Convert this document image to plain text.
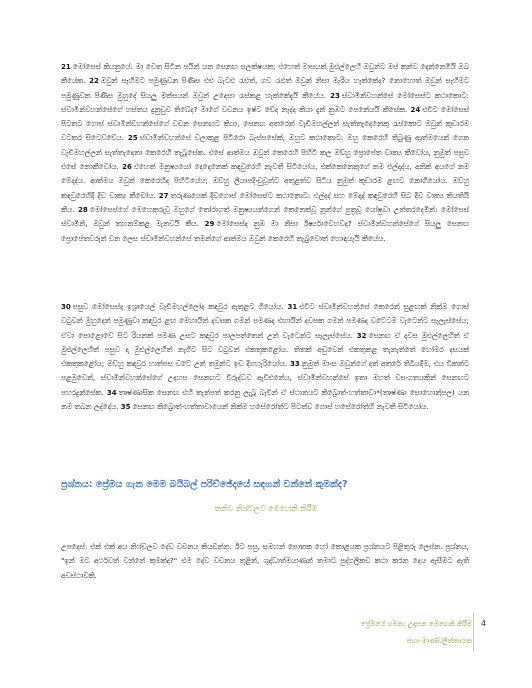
21 මෝසෙස් කියනුයේ: මා වෙත සිටින පයින් යන සෙනඟ සලක්ෂයක; එහෙත් මාසයක් මුළුල්ලෙහි ඔවුන්ට මස් කන්ට දෙන්නෙමියි ඔබ කීයේක. 22 ඔවුන් සෑහීමට පමුණුවන පිණිස එළු බැටළු රැළුත්, ගව රැළුත් ඔවුන් නිසා මැරිය හැක්කේද? නොහොත් ඔවුන් සෑහීමට පමුණුවන පිණිස මුහුදේ සියලු මත්සයන් ඔවුන් උදෙසා රැස්කළ හැක්කේදැයි කීයේය. 23 ස්වාමීන්වහන්සේ මෝසෙස්ට කථාකොට: ස්වාමීන්වහන්සේගේ හස්තය දුනුඩුව තිබේද? මාගේ වචනය ඉෂ්ට වේද නැද්ද කියා දැන් නුඹට පෙනේයයි කීසේක. 24 එවිට මෝසෙස් පිටතට ගොස් ස්වාමීන්වහන්සේගේ වචන සෙනඟට කියා, සෙනඟ අතරෙන් වැඩිමහල්ලන් සැත්තෑදෙනෙකු රැස්කොට ඔවුන් කූඩාරම වටකර සිටෙව්වේය. 25 ස්වාමීන්වහන්සේ වලාකුළ පිටිරො බැස්සසේක්, ඔහුට කථාකොට: ඔහු කෙරෙහි තිබුණු ආත්මයෙන් ගෙන වැඩිමහල්ලන් සැත්තැදෙනා කෙරෙහි තැබූසේක. එසේ ආත්මය ඔවුන් කෙරෙහි පිහිටි කල ඔව්හු ප්‍රොපේත වාක්‍ය කීවෝය, නුමුත් පසුව එසේ නොකීවෝය. 26 එහෙත් මනුෂ්‍යයෝ දෙදෙනෙක් කඳවුරෙහි නැවතී සිටියෝය, එක්කෙනෙකුගේ නම එල්දාද්ය, අනික් අයගේ නම මේදාද්ය. ආත්මය ඔවුන් කෙරෙහිද පිහිටියේය; ඔව්හු ලියාපදිංචුවූන්ට අතුළත්ව සිටිය නුමුත් කූඩාරම ළඟට නොගියෝය. ඔව්හු කඳවුරෙහිදී දිව වාක්‍ය කීවෝය. 27 තරුණයෙක් දිවගොස් මෝසෙස්ට කථාකොට: එල්දද් සහ මේදාද් කඳවුරෙහි සිට දිව වාක්‍ය කියතියි කීය. 28 මෝසෙස්ගේ මෙහෙකරුවූ ඔහුගේ තෝරාගත් මනුෂ්‍යයන්ගෙන් කෙනෙක්වූ නූන්ගේ පුත්‍රවූ යෝෂුවා උත්තරදෙමින්: මෝසෙස් ස්වාමිනි, ඔවුන් තහනම්කළ මැනවයි කීය. 29 මෝසෙස්ද නුඹ මා නිසා ඊර්ෂ්‍යාවෙහවද? ස්වාමීන්වහන්සේගේ සියලු සෙනඟ ප්‍රොපේතවරුන් වන ලෙස ස්වාමීන්වහන්සේ තමන්ගේ ආත්මය ඔවුන් කෙරෙහි තැබුවොත් හොඳයැයි කීයේය.

30 පසුව මෝසෙස්ද ඉශ්‍රායෙල් වැඩිමහල්ලෝද කඳවුර ඇතුළට ගියෝය. 31 එවිට ස්වාමීන්වහන්සේ කෙරෙන් සුළඟක් නික්ම ගොස් වටුවන් මුහුදෙන් පමුණුවා කඳවුර ළඟ මෙහායින් දවසක ගමන් පමණද එහායින් දවසක ගමන් පමණද වටේටම වැටෙන්ට සැලැස්සේය; ඒවා පොළොවේ සිට රියනක් පමණ උසට කඳවුර පාලපත්තෙන් උන් වැටෙන්ට සැලැස්සේය. 32 සෙනඟ ඒ දවස මුළුල්ලෙහිත් ඒ මුළුල්ලෙහිත් පසුව දා මුළුල්ලෙහිත් නැගිට සිට වටුවන් එකතුකළෝය. තිතක් අඩුවෙන් එකතුකළ තැනැත්තේ හෝමර දසයක් එකතුකළෝය; ඔව්හු කඳවුර හාත්පස වටේ උන් තමුන්ට ඉඩ දිගහැරියෝය. 33 නුමුත් මාංස ඔවුන්ගේ දත් අතරේ තිබියදීම, එය විකන්ට පළමුවෙන්, ස්වාමීන්වහන්සේගේ උදහස සෙනඟට විරුද්ධව ඇවිළුනේය, ස්වාමීන්වහන්සේ ඉතා මහත් වසංගතයකින් සෙනඟට පහරදුන්සේක. 34 තෘෂ්ණාසික සෙනඟ එහි තැන්පත් කරනු ලැබූ බැවින් ඒ ස්ථානයට කිබ්‍රොත්-හත්තාවා*(තෘෂ්ණා සොහොන්පල) යන නම තබන ලද්දේය. 35 සෙනඟ කිබ්‍රොත්-හත්තාවායෙන් නික්ම හසේරෝත්ට පිටත්ව ගොස් හසේරෝත්හි නැවතී සිටියෝය.

ප්‍රශ්නය: ප්‍රේමය ගැන මෙම බයිබල් පරිච්ඡේදයේ සඳහන් වන්නේ කුමක්ද?
තනිව නිශ්චලව මෙහෙනි කිරීම

උපදෙස්: එක් එක් අය නිශ්චලව දේව වචනය කියවන්න. ඊට පසු, සමහන් පොතක හෝ කොළයක ප්‍රශ්නයට පිළිතුරු ලෙස්න. ප්‍රශ්නය, "ඉන් මට අර්ථවත් වන්නේ කුමක්ද?" එම දේව වචනය තුළින්, ශුද්ධාත්මයාණන් තමාට පුද්ගලිකව කථා කරන දෙය ඇසීමට ඇති අවස්ථාවකි.

ප්‍රේමයේ ගමන: උදාසන මෙහෙනි කිරීම
සහා මාණ්ඩලිත්නායක
4
